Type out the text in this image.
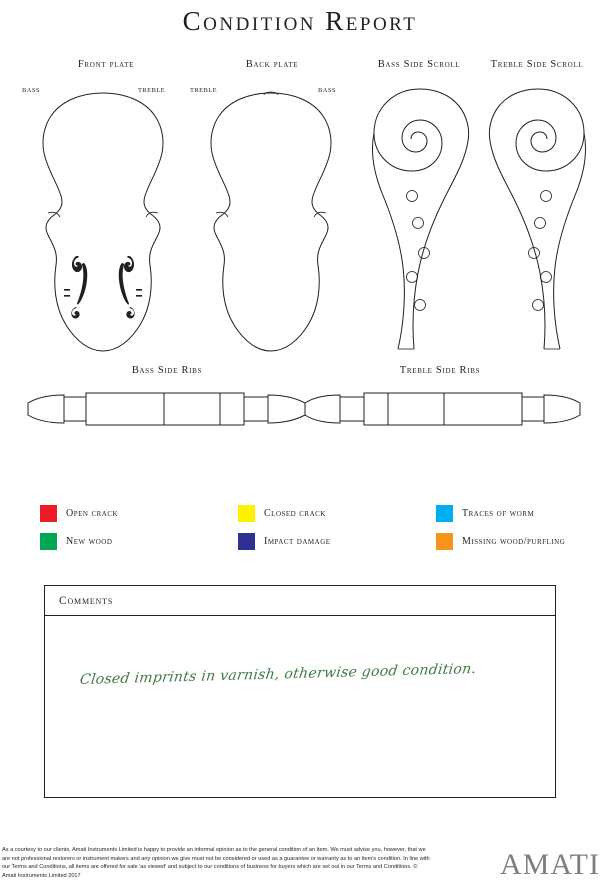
Condition Report
Front plate
BASS	TREBLE
Back plate
TREBLE	BASS
Bass Side Scroll	Treble Side Scroll
Bass Side Ribs	Treble Side Ribs
Open crack	Closed crack	Traces of worm
New wood	Impact damage	Missing wood/purfling
Comments
Closed imprints in varnish, otherwise good condition.
As a courtesy to our clients, Amati Instruments Limited is happy to provide an informal opinion as to the general condition of an item. We must advise you, however, that we are not professional restorers or instrument makers and any opinion we give must not be considered or used as a guarantee or warranty as to an item's condition. In line with our Terms and Conditions, all items are offered for sale 'as viewed' and subject to our conditions of business for buyers which are set out in our Terms and Conditions. © Amati Instruments Limited 2017	AMATI
